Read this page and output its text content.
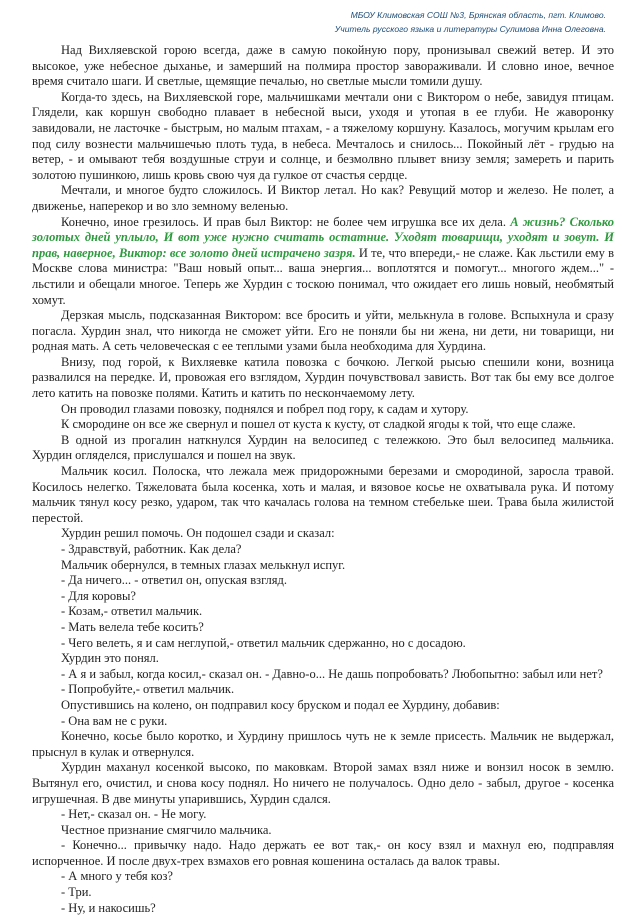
МБОУ Климовская СОШ №3, Брянская область, пгт. Климово.
Учитель русского языка и литературы Сулимова Инна Олеговна.

Над Вихляевской горою всегда, даже в самую покойную пору, пронизывал свежий ветер. И это высокое, уже небесное дыханье, и замерший на полмира простор завораживали. И словно иное, вечное время считало шаги. И светлые, щемящие печалью, но светлые мысли томили душу.

Когда-то здесь, на Вихляевской горе, мальчишками мечтали они с Виктором о небе, завидуя птицам. Глядели, как коршун свободно плавает в небесной выси, уходя и утопая в ее глуби. Не жаворонку завидовали, не ласточке - быстрым, но малым птахам, - а тяжелому коршуну. Казалось, могучим крылам его под силу вознести мальчишечью плоть туда, в небеса. Мечталось и снилось... Покойный лёт - грудью на ветер, - и омывают тебя воздушные струи и солнце, и безмолвно плывет внизу земля; замереть и парить золотою пушинкою, лишь кровь свою чуя да гулкое от счастья сердце.

Мечтали, и многое будто сложилось. И Виктор летал. Но как? Ревущий мотор и железо. Не полет, а движенье, наперекор и во зло земному веленью.

Конечно, иное грезилось. И прав был Виктор: не более чем игрушка все их дела. А жизнь? Сколько золотых дней уплыло, И вот уже нужно считать остатние. Уходят товарищи, уходят и зовут. И прав, наверное, Виктор: все золото дней истрачено зазря. И те, что впереди,- не слаже. Как льстили ему в Москве слова министра: "Ваш новый опыт... ваша энергия... воплотятся и помогут... многого ждем..." - льстили и обещали многое. Теперь же Хурдин с тоскою понимал, что ожидает его лишь новый, необмятый хомут.

Дерзкая мысль, подсказанная Виктором: все бросить и уйти, мелькнула в голове. Вспыхнула и сразу погасла. Хурдин знал, что никогда не сможет уйти. Его не поняли бы ни жена, ни дети, ни товарищи, ни родная мать. А сеть человеческая с ее теплыми узами была необходима для Хурдина.

Внизу, под горой, к Вихляевке катила повозка с бочкою. Легкой рысью спешили кони, возница развалился на передке. И, провожая его взглядом, Хурдин почувствовал зависть. Вот так бы ему все долгое лето катить на повозке полями. Катить и катить по нескончаемому лету.

Он проводил глазами повозку, поднялся и побрел под гору, к садам и хутору.

К смородине он все же свернул и пошел от куста к кусту, от сладкой ягоды к той, что еще слаже.

В одной из прогалин наткнулся Хурдин на велосипед с тележкою. Это был велосипед мальчика. Хурдин огляделся, прислушался и пошел на звук.

Мальчик косил. Полоска, что лежала меж придорожными березами и смородиной, заросла травой. Косилось нелегко. Тяжеловата была косенка, хоть и малая, и вязовое косье не охватывала рука. И потому мальчик тянул косу резко, ударом, так что качалась голова на темном стебельке шеи. Трава была жилистой перестой.

Хурдин решил помочь. Он подошел сзади и сказал:

- Здравствуй, работник. Как дела?

Мальчик обернулся, в темных глазах мелькнул испуг.

- Да ничего... - ответил он, опуская взгляд.

- Для коровы?

- Козам,- ответил мальчик.

- Мать велела тебе косить?

- Чего велеть, я и сам неглупой,- ответил мальчик сдержанно, но с досадою.

Хурдин это понял.

- А я и забыл, когда косил,- сказал он. - Давно-о... Не дашь попробовать? Любопытно: забыл или нет?

- Попробуйте,- ответил мальчик.

Опустившись на колено, он подправил косу бруском и подал ее Хурдину, добавив:

- Она вам не с руки.

Конечно, косье было коротко, и Хурдину пришлось чуть не к земле присесть. Мальчик не выдержал, прыснул в кулак и отвернулся.

Хурдин маханул косенкой высоко, по маковкам. Второй замах взял ниже и вонзил носок в землю. Вытянул его, очистил, и снова косу поднял. Но ничего не получалось. Одно дело - забыл, другое - косенка игрушечная. В две минуты упарившись, Хурдин сдался.

- Нет,- сказал он. - Не могу.

Честное признание смягчило мальчика.

- Конечно... привычку надо. Надо держать ее вот так,- он косу взял и махнул ею, подправляя испорченное. И после двух-трех взмахов его ровная кошенина осталась да валок травы.

- А много у тебя коз?

- Три.

- Ну, и накосишь?
